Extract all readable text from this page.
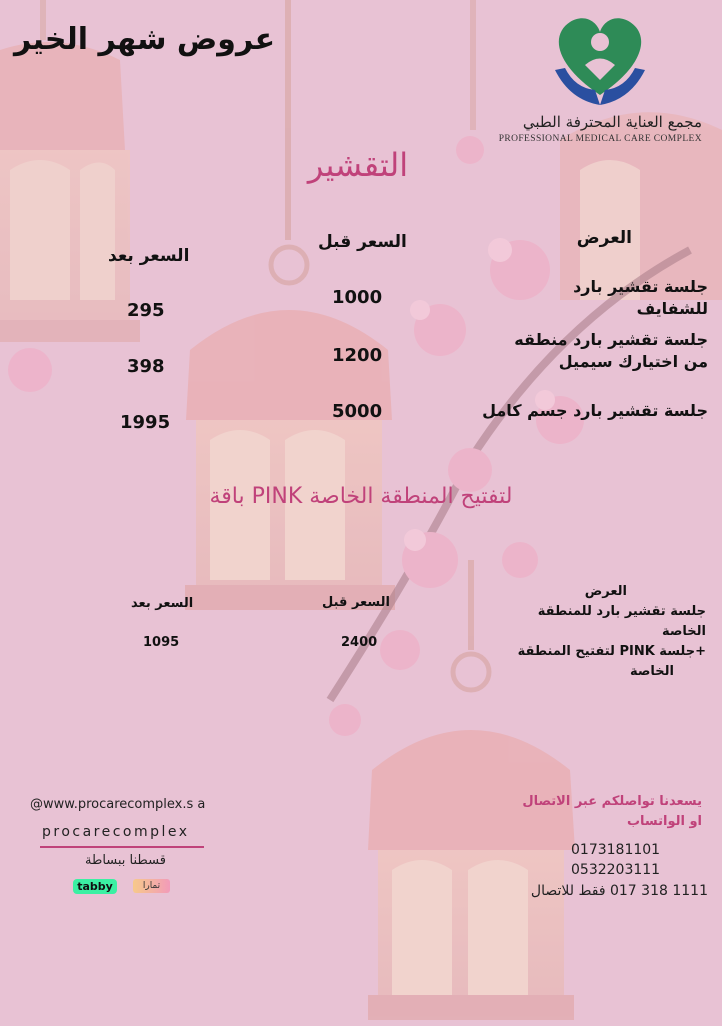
عروض شهر الخير
مجمع العناية المحترفة الطبي
PROFESSIONAL MEDICAL CARE COMPLEX
التقشير
العرض
السعر قبل
السعر بعد
جلسة تقشير بارد للشفايف
1000
295
جلسة تقشير بارد منطقه من اختيارك سيميل
1200
398
جلسة تقشير بارد جسم كامل
5000
1995
باقة PINK لتفتيح المنطقة الخاصة
العرض
السعر قبل
السعر بعد
جلسة تقشير بارد للمنطقة الخاصة
+جلسة PINK لتفتيح المنطقة
الخاصة
2400
1095
يسعدنا تواصلكم عبر الاتصال او الواتساب
0173181101
0532203111
1111 318 017 فقط للاتصال
@www.procarecomplex.s a
procarecomplex
قسطنا ببساطة
tabby	تمارا
